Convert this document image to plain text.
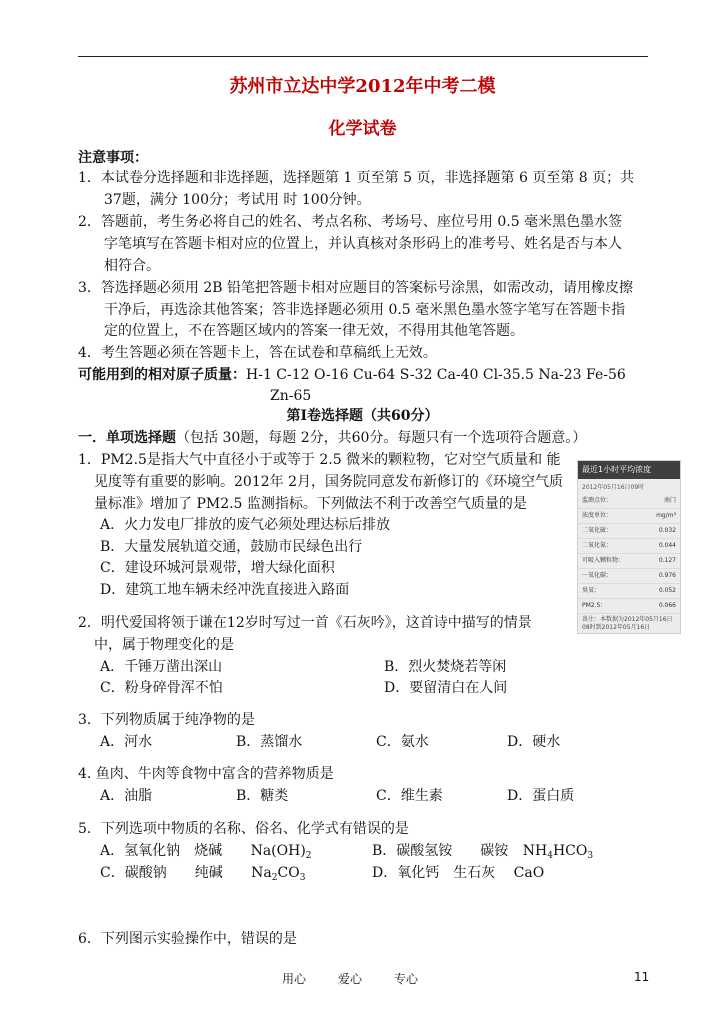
苏州市立达中学2012年中考二模
化学试卷
注意事项：
1．本试卷分选择题和非选择题，选择题第 1 页至第 5 页，非选择题第 6 页至第 8 页；共
37题，满分 100分；考试用 时 100分钟。
2．答题前，考生务必将自己的姓名、考点名称、考场号、座位号用 0.5 毫米黑色墨水签
字笔填写在答题卡相对应的位置上，并认真核对条形码上的准考号、姓名是否与本人
相符合。
3．答选择题必须用 2B 铅笔把答题卡相对应题目的答案标号涂黑，如需改动，请用橡皮擦
干净后，再选涂其他答案；答非选择题必须用 0.5 毫米黑色墨水签字笔写在答题卡指
定的位置上，不在答题区域内的答案一律无效，不得用其他笔答题。
4．考生答题必须在答题卡上，答在试卷和草稿纸上无效。
可能用到的相对原子质量：H-1 C-12 O-16 Cu-64 S-32 Ca-40 Cl-35.5 Na-23 Fe-56
Zn-65
第Ⅰ卷选择题（共60分）
一．单项选择题（包括 30题，每题 2分，共60分。每题只有一个选项符合题意。）
1．PM2.5是指大气中直径小于或等于 2.5 微米的颗粒物，它对空气质量和 能
见度等有重要的影响。2012年 2月，国务院同意发布新修订的《环境空气质
量标准》增加了 PM2.5 监测指标。下列做法不利于改善空气质量的是
A．火力发电厂排放的废气必须处理达标后排放
B．大量发展轨道交通，鼓励市民绿色出行
C．建设环城河景观带，增大绿化面积
D．建筑工地车辆未经冲洗直接进入路面
最近1小时平均浓度
2012年05月16日09时
监测点位：	南门
浓度单位：	mg/m³
二氧化硫：	0.032
二氧化氮：	0.044
可吸入颗粒物：	0.127
一氧化碳：	0.976
臭氧：	0.052
PM2.5：	0.066
备注：本数据为2012年05月16日08时到2012年05月16日
2．明代爱国将领于谦在12岁时写过一首《石灰吟》，这首诗中描写的情景
中，属于物理变化的是
A．千锤万凿出深山	B．烈火焚烧若等闲
C．粉身碎骨浑不怕	D．要留清白在人间
3．下列物质属于纯净物的是
A．河水	B．蒸馏水	C．氨水	D．硬水
4. 鱼肉、牛肉等食物中富含的营养物质是
A．油脂	B．糖类	C．维生素	D．蛋白质
5．下列选项中物质的名称、俗名、化学式有错误的是
A．氢氧化钠　烧碱 $Na(OH)_2$	B．碳酸氢铵　　碳铵 $NH_4HCO_3$
C．碳酸钠　　纯碱 $Na_2CO_3$	D．氧化钙　生石灰　 CaO
6．下列图示实验操作中，错误的是
用心	爱心	专心	11
